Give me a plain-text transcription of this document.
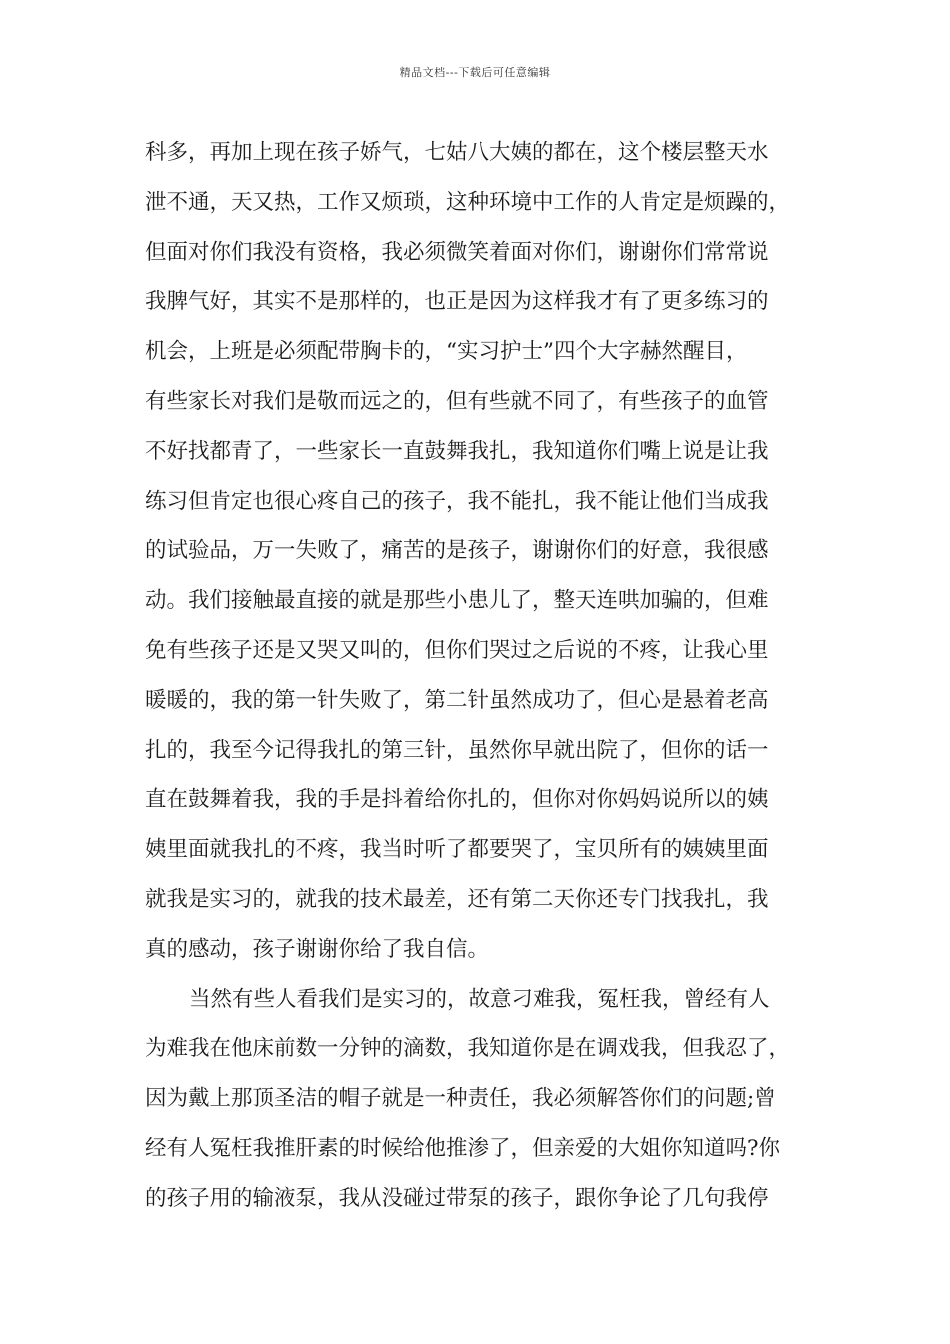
精品文档---下载后可任意编辑
科多，再加上现在孩子娇气，七姑八大姨的都在，这个楼层整天水
泄不通，天又热，工作又烦琐，这种环境中工作的人肯定是烦躁的，
但面对你们我没有资格，我必须微笑着面对你们，谢谢你们常常说
我脾气好，其实不是那样的，也正是因为这样我才有了更多练习的
机会，上班是必须配带胸卡的，“实习护士”四个大字赫然醒目，
有些家长对我们是敬而远之的，但有些就不同了，有些孩子的血管
不好找都青了，一些家长一直鼓舞我扎，我知道你们嘴上说是让我
练习但肯定也很心疼自己的孩子，我不能扎，我不能让他们当成我
的试验品，万一失败了，痛苦的是孩子，谢谢你们的好意，我很感
动。我们接触最直接的就是那些小患儿了，整天连哄加骗的，但难
免有些孩子还是又哭又叫的，但你们哭过之后说的不疼，让我心里
暖暖的，我的第一针失败了，第二针虽然成功了，但心是悬着老高
扎的，我至今记得我扎的第三针，虽然你早就出院了，但你的话一
直在鼓舞着我，我的手是抖着给你扎的，但你对你妈妈说所以的姨
姨里面就我扎的不疼，我当时听了都要哭了，宝贝所有的姨姨里面
就我是实习的，就我的技术最差，还有第二天你还专门找我扎，我
真的感动，孩子谢谢你给了我自信。
当然有些人看我们是实习的，故意刁难我，冤枉我，曾经有人
为难我在他床前数一分钟的滴数，我知道你是在调戏我，但我忍了，
因为戴上那顶圣洁的帽子就是一种责任，我必须解答你们的问题;曾
经有人冤枉我推肝素的时候给他推渗了，但亲爱的大姐你知道吗?你
的孩子用的输液泵，我从没碰过带泵的孩子，跟你争论了几句我停
